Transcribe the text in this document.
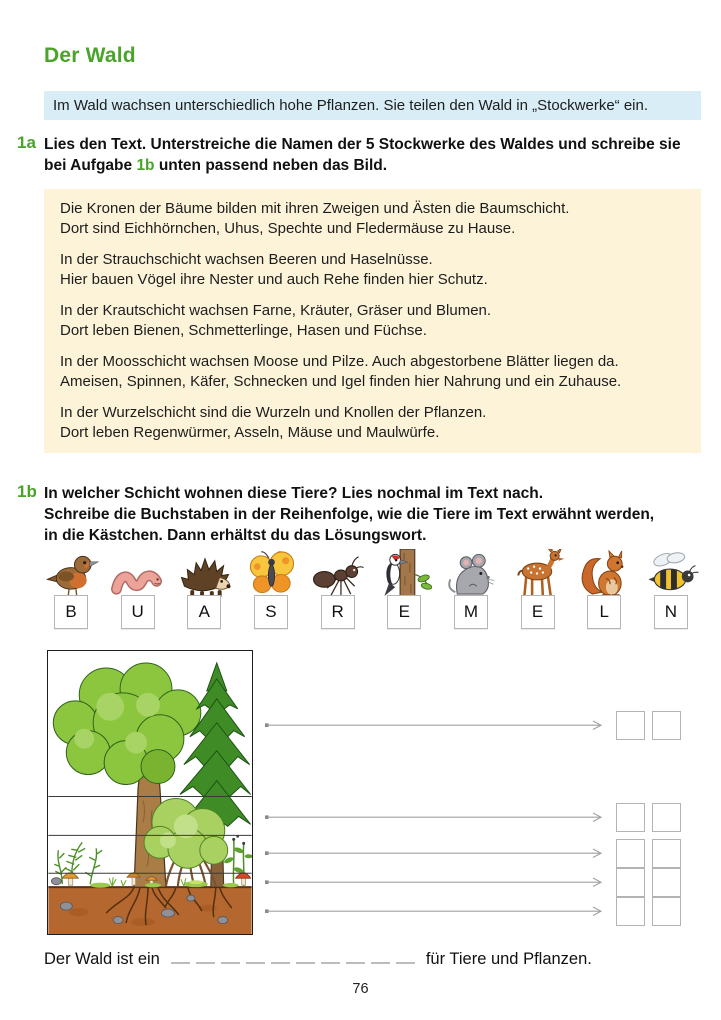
Der Wald
Im Wald wachsen unterschiedlich hohe Pflanzen. Sie teilen den Wald in „Stockwerke“ ein.
1a Lies den Text. Unterstreiche die Namen der 5 Stockwerke des Waldes und schreibe sie bei Aufgabe 1b unten passend neben das Bild.

Die Kronen der Bäume bilden mit ihren Zweigen und Ästen die Baumschicht.
Dort sind Eichhörnchen, Uhus, Spechte und Fledermäuse zu Hause.

In der Strauchschicht wachsen Beeren und Haselnüsse.
Hier bauen Vögel ihre Nester und auch Rehe finden hier Schutz.

In der Krautschicht wachsen Farne, Kräuter, Gräser und Blumen.
Dort leben Bienen, Schmetterlinge, Hasen und Füchse.

In der Moosschicht wachsen Moose und Pilze. Auch abgestorbene Blätter liegen da.
Ameisen, Spinnen, Käfer, Schnecken und Igel finden hier Nahrung und ein Zuhause.

In der Wurzelschicht sind die Wurzeln und Knollen der Pflanzen.
Dort leben Regenwürmer, Asseln, Mäuse und Maulwürfe.

1b In welcher Schicht wohnen diese Tiere? Lies nochmal im Text nach.
Schreibe die Buchstaben in der Reihenfolge, wie die Tiere im Text erwähnt werden,
in die Kästchen. Dann erhältst du das Lösungswort.
B	U	A	S	R	E	M	E	L	N
Der Wald ist ein	für Tiere und Pflanzen.
76
